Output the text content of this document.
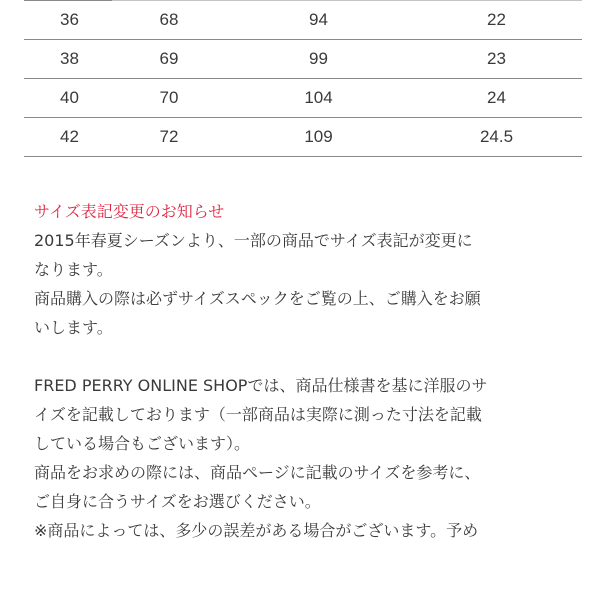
36	68	94	22
38	69	99	23
40	70	104	24
42	72	109	24.5
サイズ表記変更のお知らせ
2015年春夏シーズンより、一部の商品でサイズ表記が変更に
なります。
商品購入の際は必ずサイズスペックをご覧の上、ご購入をお願
いします。
FRED PERRY ONLINE SHOPでは、商品仕様書を基に洋服のサ
イズを記載しております（一部商品は実際に測った寸法を記載
している場合もございます）。
商品をお求めの際には、商品ページに記載のサイズを参考に、
ご自身に合うサイズをお選びください。
※商品によっては、多少の誤差がある場合がございます。予め
